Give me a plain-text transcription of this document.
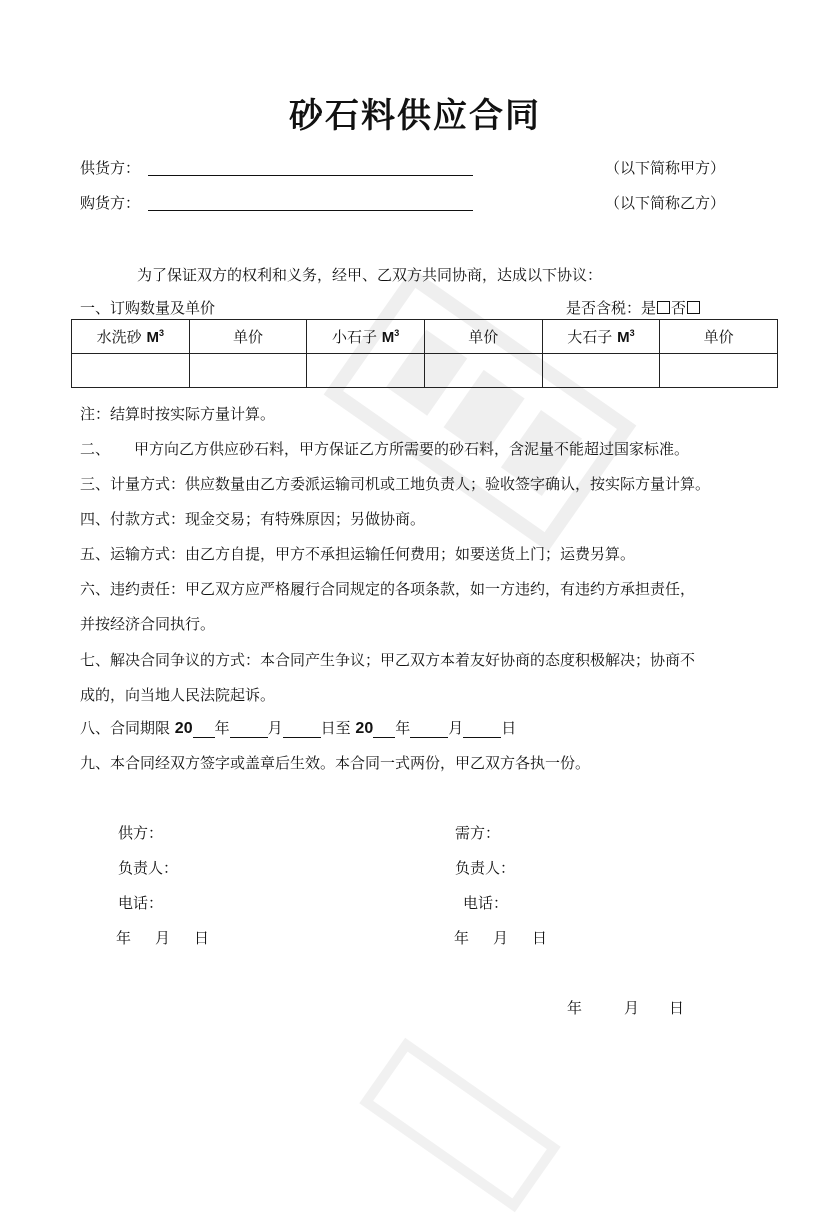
砂石料供应合同
供货方：	（以下简称甲方）
购货方：	（以下简称乙方）
为了保证双方的权利和义务，经甲、乙双方共同协商，达成以下协议：
一、订购数量及单价	是否含税：是 否
水洗砂 $M^3$	单价	小石子 $M^3$	单价	大石子 $M^3$	单价

注：结算时按实际方量计算。
二、 甲方向乙方供应砂石料，甲方保证乙方所需要的砂石料，含泥量不能超过国家标准。
三、计量方式：供应数量由乙方委派运输司机或工地负责人；验收签字确认，按实际方量计算。
四、付款方式：现金交易；有特殊原因；另做协商。
五、运输方式：由乙方自提，甲方不承担运输任何费用；如要送货上门；运费另算。
六、违约责任：甲乙双方应严格履行合同规定的各项条款，如一方违约，有违约方承担责任，
并按经济合同执行。
七、解决合同争议的方式：本合同产生争议；甲乙双方本着友好协商的态度积极解决；协商不
成的，向当地人民法院起诉。
八、合同期限 20 年	月	日至 20 年	月	日
九、本合同经双方签字或盖章后生效。本合同一式两份，甲乙双方各执一份。
供方：
负责人：
电话：
年 月 日
需方：
负责人：
电话：
年 月 日
年	月 日
